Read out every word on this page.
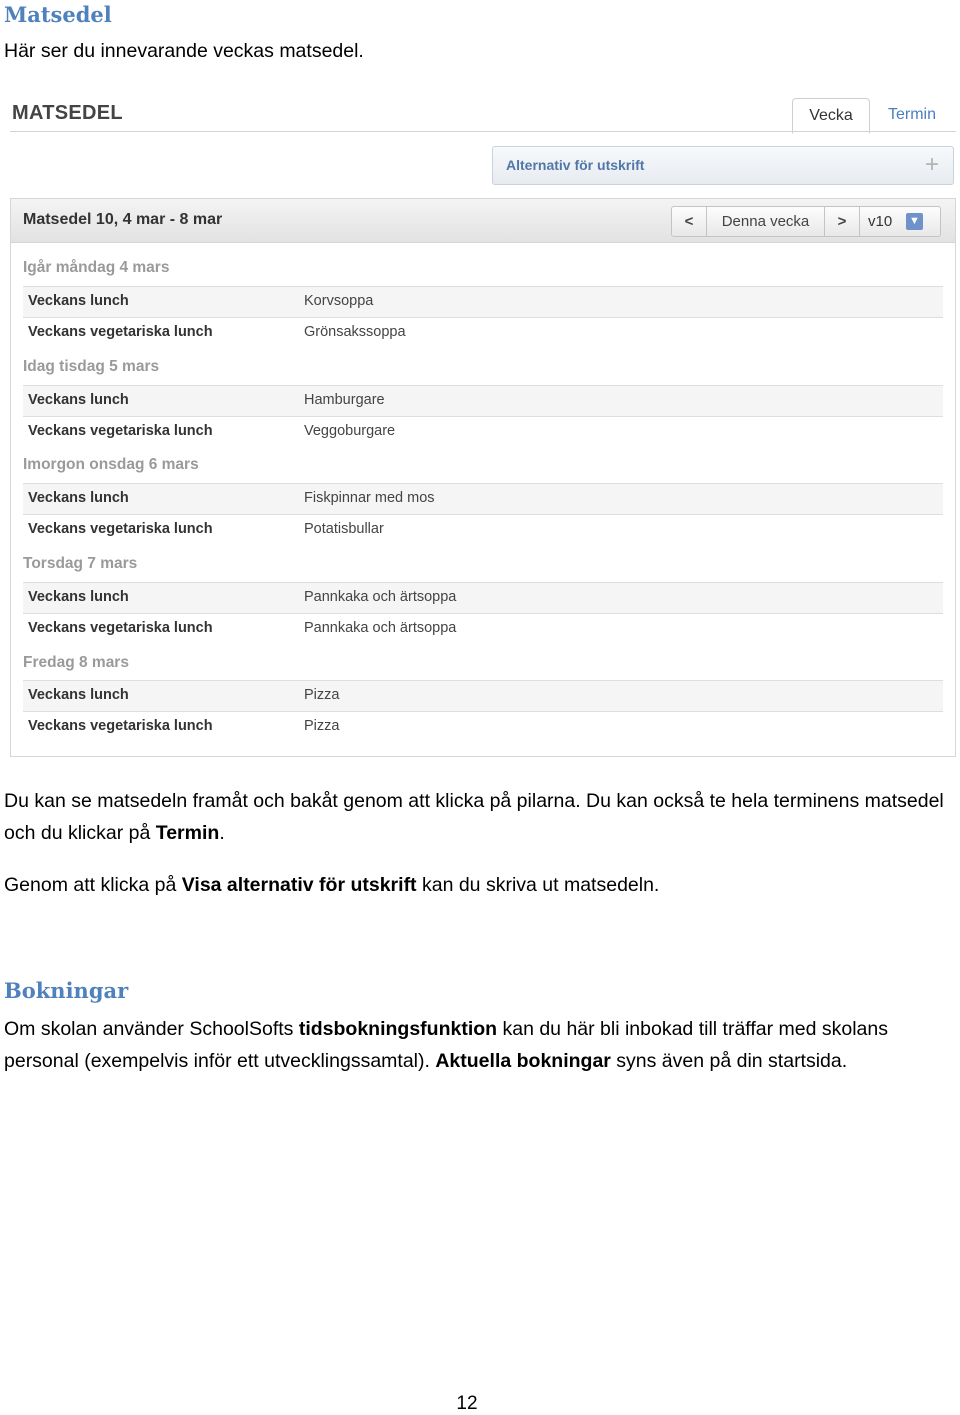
Matsedel

Här ser du innevarande veckas matsedel.

MATSEDEL	Vecka	Termin
Alternativ för utskrift	+
Matsedel 10, 4 mar - 8 mar	<	Denna vecka	>	v10 ▼
Igår måndag 4 mars
Veckans lunch	Korvsoppa
Veckans vegetariska lunch	Grönsakssoppa
Idag tisdag 5 mars
Veckans lunch	Hamburgare
Veckans vegetariska lunch	Veggoburgare
Imorgon onsdag 6 mars
Veckans lunch	Fiskpinnar med mos
Veckans vegetariska lunch	Potatisbullar
Torsdag 7 mars
Veckans lunch	Pannkaka och ärtsoppa
Veckans vegetariska lunch	Pannkaka och ärtsoppa
Fredag 8 mars
Veckans lunch	Pizza
Veckans vegetariska lunch	Pizza

Du kan se matsedeln framåt och bakåt genom att klicka på pilarna. Du kan också te hela terminens matsedel och du klickar på Termin.

Genom att klicka på Visa alternativ för utskrift kan du skriva ut matsedeln.

Bokningar

Om skolan använder SchoolSofts tidsbokningsfunktion kan du här bli inbokad till träffar med skolans personal (exempelvis inför ett utvecklingssamtal). Aktuella bokningar syns även på din startsida.

12
